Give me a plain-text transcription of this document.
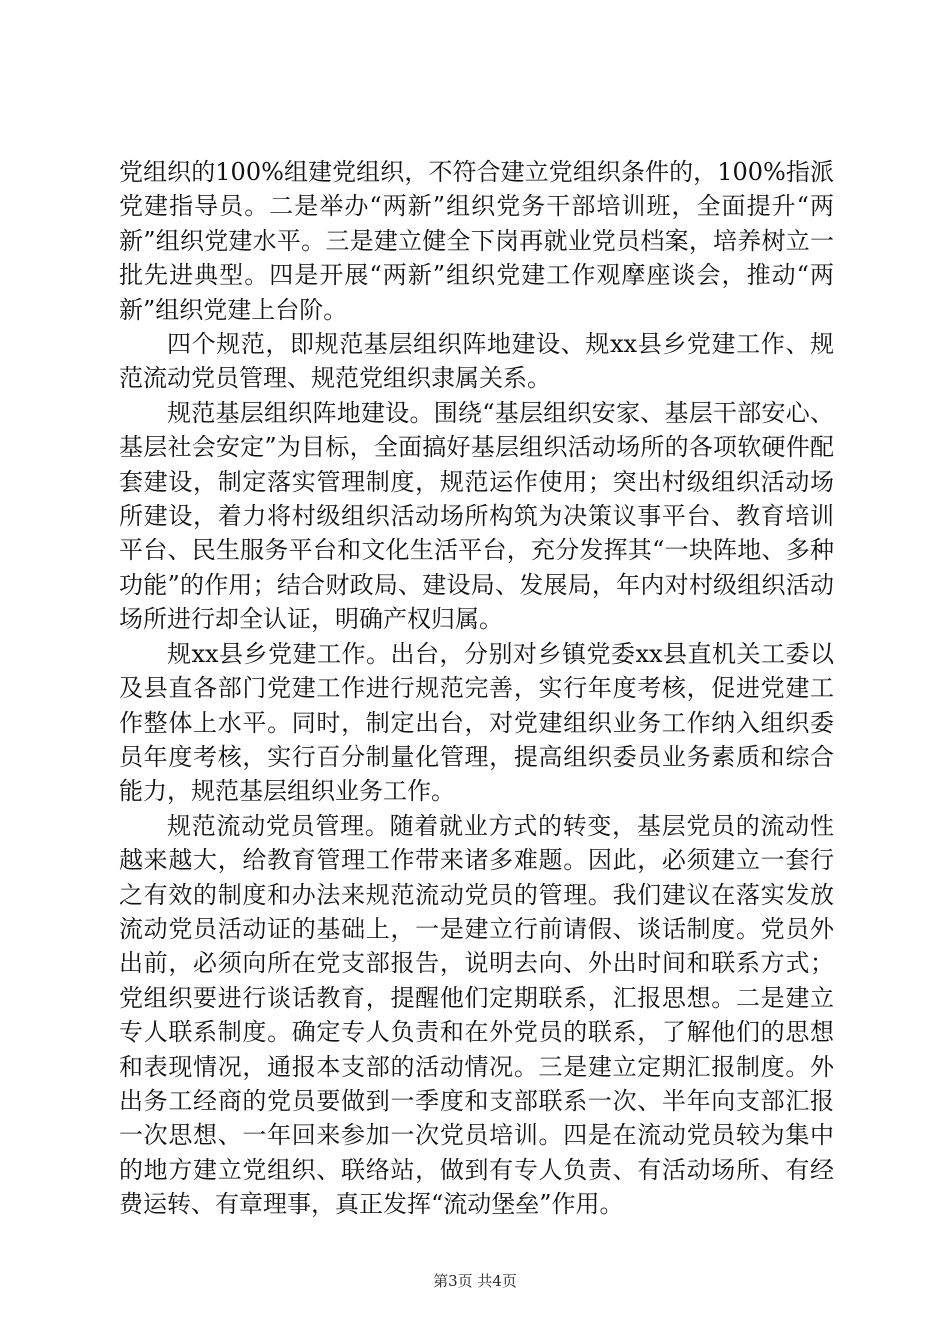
党组织的100%组建党组织，不符合建立党组织条件的，100%指派党建指导员。二是举办“两新”组织党务干部培训班，全面提升“两新”组织党建水平。三是建立健全下岗再就业党员档案，培养树立一批先进典型。四是开展“两新”组织党建工作观摩座谈会，推动“两新”组织党建上台阶。

四个规范，即规范基层组织阵地建设、规xx县乡党建工作、规范流动党员管理、规范党组织隶属关系。

规范基层组织阵地建设。围绕“基层组织安家、基层干部安心、基层社会安定”为目标，全面搞好基层组织活动场所的各项软硬件配套建设，制定落实管理制度，规范运作使用；突出村级组织活动场所建设，着力将村级组织活动场所构筑为决策议事平台、教育培训平台、民生服务平台和文化生活平台，充分发挥其“一块阵地、多种功能”的作用；结合财政局、建设局、发展局，年内对村级组织活动场所进行却全认证，明确产权归属。

规xx县乡党建工作。出台，分别对乡镇党委xx县直机关工委以及县直各部门党建工作进行规范完善，实行年度考核，促进党建工作整体上水平。同时，制定出台，对党建组织业务工作纳入组织委员年度考核，实行百分制量化管理，提高组织委员业务素质和综合能力，规范基层组织业务工作。

规范流动党员管理。随着就业方式的转变，基层党员的流动性越来越大，给教育管理工作带来诸多难题。因此，必须建立一套行之有效的制度和办法来规范流动党员的管理。我们建议在落实发放流动党员活动证的基础上，一是建立行前请假、谈话制度。党员外出前，必须向所在党支部报告，说明去向、外出时间和联系方式；党组织要进行谈话教育，提醒他们定期联系，汇报思想。二是建立专人联系制度。确定专人负责和在外党员的联系，了解他们的思想和表现情况，通报本支部的活动情况。三是建立定期汇报制度。外出务工经商的党员要做到一季度和支部联系一次、半年向支部汇报一次思想、一年回来参加一次党员培训。四是在流动党员较为集中的地方建立党组织、联络站，做到有专人负责、有活动场所、有经费运转、有章理事，真正发挥“流动堡垒”作用。

第3页 共4页
